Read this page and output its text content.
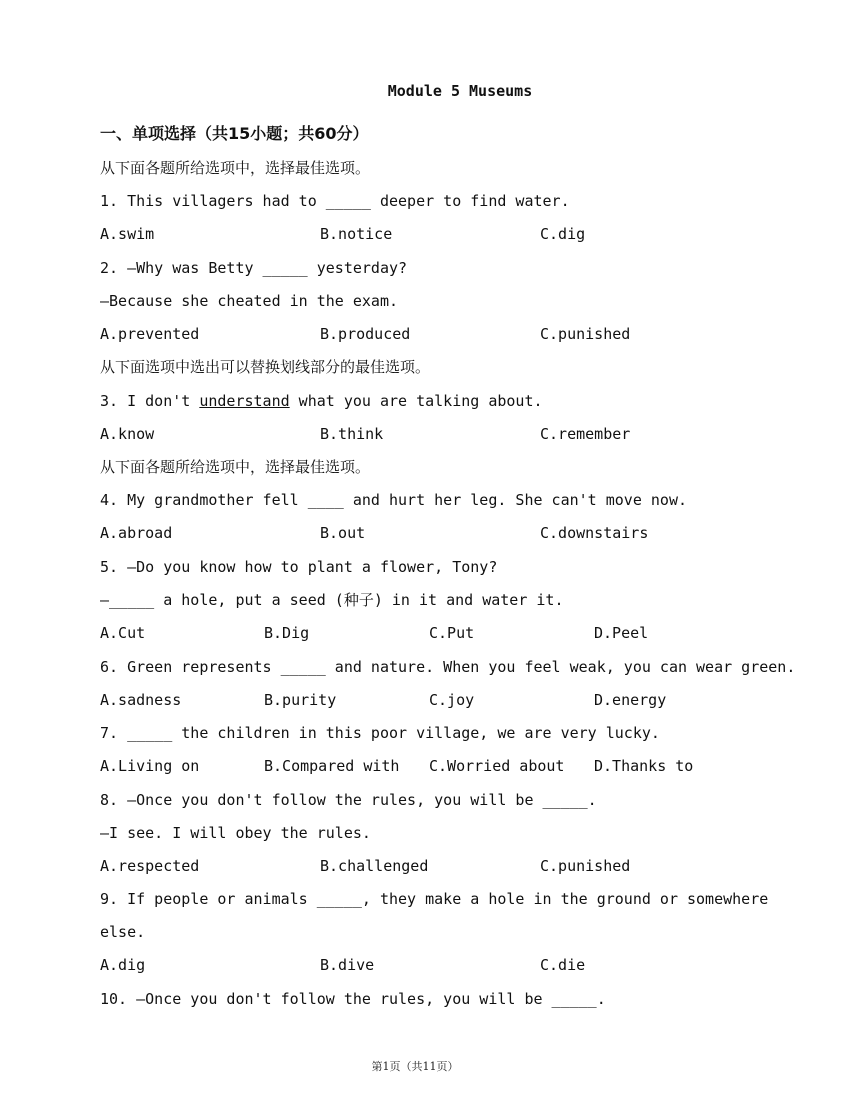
Module 5 Museums
一、单项选择（共15小题；共60分）
从下面各题所给选项中，选择最佳选项。
1. This villagers had to _____ deeper to find water.
A.swim	B.notice	C.dig
2. —Why was Betty _____ yesterday?
—Because she cheated in the exam.
A.prevented	B.produced	C.punished
从下面选项中选出可以替换划线部分的最佳选项。
3. I don't understand what you are talking about.
A.know	B.think	C.remember
从下面各题所给选项中，选择最佳选项。
4. My grandmother fell ____ and hurt her leg. She can't move now.
A.abroad	B.out	C.downstairs
5. —Do you know how to plant a flower, Tony?
—_____ a hole, put a seed (种子) in it and water it.
A.Cut	B.Dig	C.Put	D.Peel
6. Green represents _____ and nature. When you feel weak, you can wear green.
A.sadness	B.purity	C.joy	D.energy
7. _____ the children in this poor village, we are very lucky.
A.Living on	B.Compared with C.Worried about D.Thanks to
8. —Once you don't follow the rules, you will be _____.
—I see. I will obey the rules.
A.respected	B.challenged	C.punished
9. If people or animals _____, they make a hole in the ground or somewhere
else.
A.dig	B.dive	C.die
10. —Once you don't follow the rules, you will be _____.
第1页（共11页）
